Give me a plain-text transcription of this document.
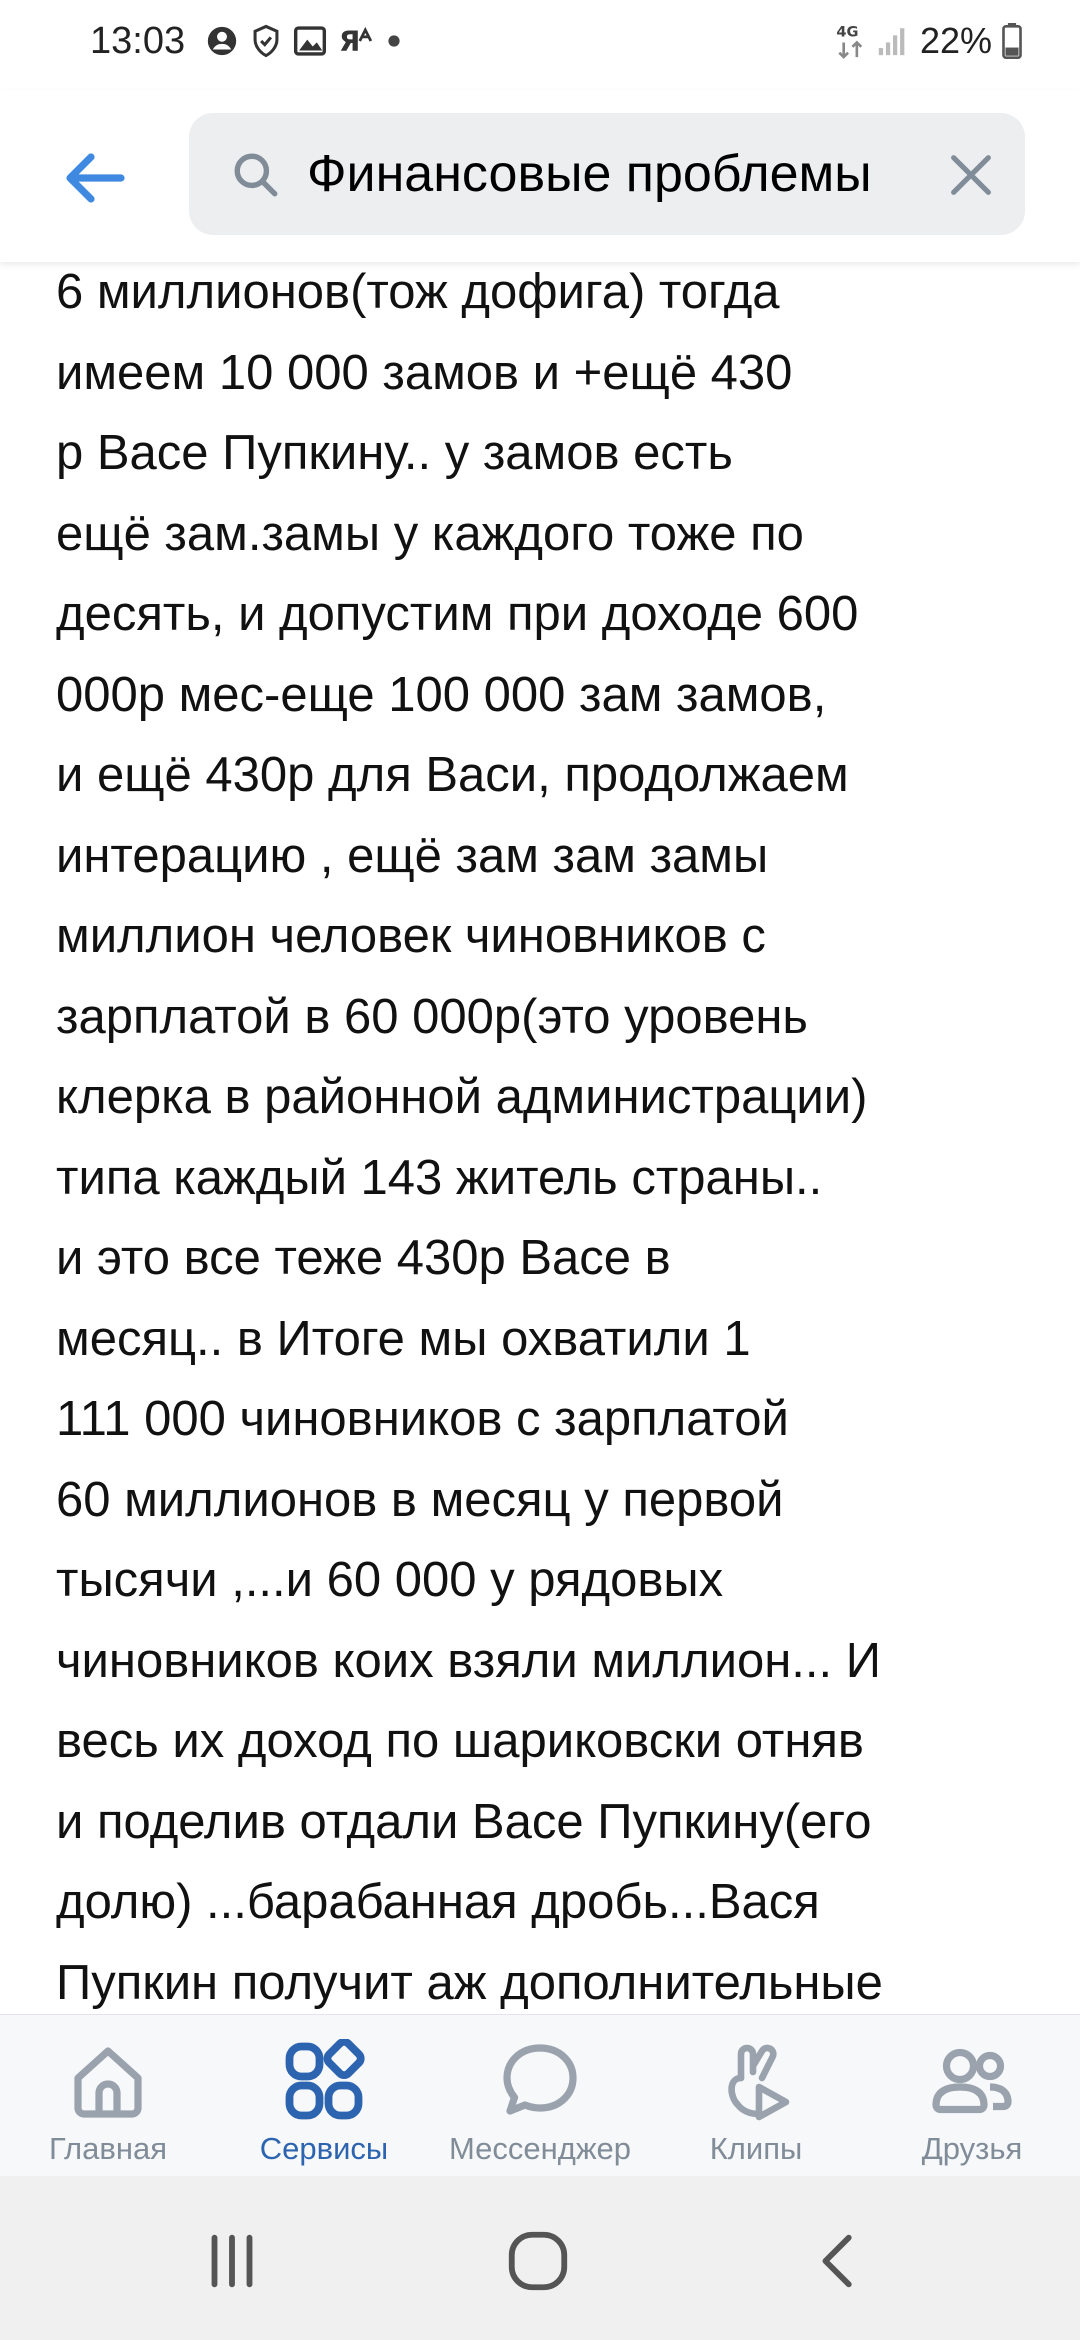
13:03	Я	4G 22%
Финансовые проблемы
6 миллионов(тож дофига) тогда
имеем 10 000 замов и +ещё 430
р Васе Пупкину.. у замов есть
ещё зам.замы у каждого тоже по
десять, и допустим при доходе 600
000р мес-еще 100 000 зам замов,
и ещё 430р для Васи, продолжаем
интерацию , ещё зам зам замы
миллион человек чиновников с
зарплатой в 60 000р(это уровень
клерка в районной администрации)
типа каждый 143 житель страны..
и это все теже 430р Васе в
месяц.. в Итоге мы охватили 1
111 000 чиновников с зарплатой
60 миллионов в месяц у первой
тысячи ,...и 60 000 у рядовых
чиновников коих взяли миллион... И
весь их доход по шариковски отняв
и поделив отдали Васе Пупкину(его
долю) ...барабанная дробь...Вася
Пупкин получит аж дополнительные
Главная	Сервисы Мессенджер	Клипы	Друзья
